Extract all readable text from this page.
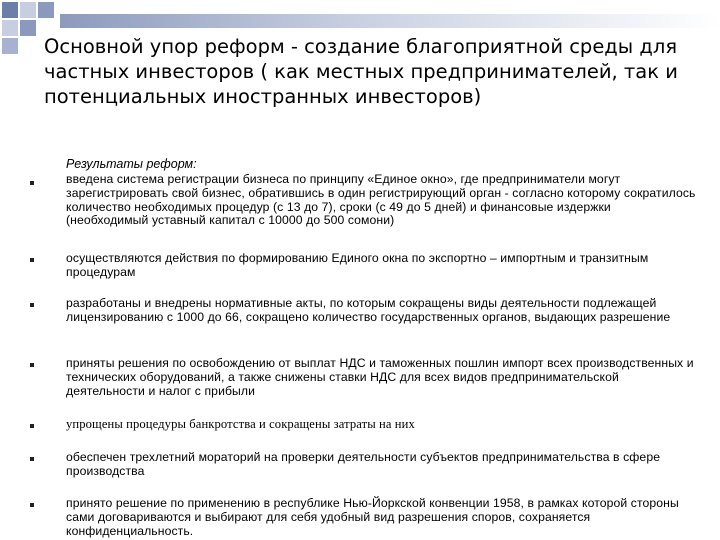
Основной упор реформ - создание благоприятной среды для частных инвесторов ( как местных предпринимателей, так и потенциальных иностранных инвесторов)

Результаты реформ:

введена система регистрации бизнеса по принципу «Единое окно», где предприниматели могут зарегистрировать свой бизнес, обратившись в один регистрирующий орган - согласно которому сократилось количество необходимых процедур (с 13 до 7), сроки (с 49 до 5 дней) и финансовые издержки (необходимый уставный капитал с 10000 до 500 сомони)

осуществляются действия по формированию Единого окна по экспортно – импортным и транзитным процедурам

разработаны и внедрены нормативные акты, по которым сокращены виды деятельности подлежащей лицензированию с 1000 до 66, сокращено количество государственных органов, выдающих разрешение

приняты решения по освобождению от выплат НДС и таможенных пошлин импорт всех производственных и технических оборудований, а также снижены ставки НДС для всех видов предпринимательской деятельности и налог с прибыли

упрощены процедуры банкротства и сокращены затраты на них

обеспечен трехлетний мораторий на проверки деятельности субъектов предпринимательства в сфере производства

принято решение по применению в республике Нью-Йоркской конвенции 1958, в рамках которой стороны сами договариваются и выбирают для себя удобный вид разрешения споров, сохраняется конфиденциальность.
